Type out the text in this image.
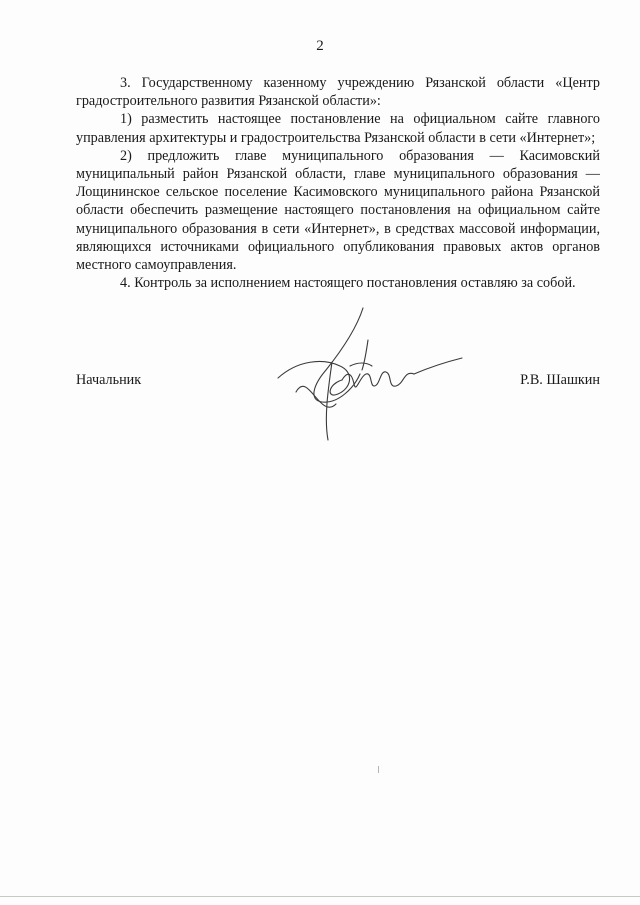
2

3. Государственному казенному учреждению Рязанской области «Центр градостроительного развития Рязанской области»:

1) разместить настоящее постановление на официальном сайте главного управления архитектуры и градостроительства Рязанской области в сети «Интернет»;

2) предложить главе муниципального образования — Касимовский муниципальный район Рязанской области, главе муниципального образования — Лощининское сельское поселение Касимовского муниципального района Рязанской области обеспечить размещение настоящего постановления на официальном сайте муниципального образования в сети «Интернет», в средствах массовой информации, являющихся источниками официального опубликования правовых актов органов местного самоуправления.

4. Контроль за исполнением настоящего постановления оставляю за собой.

Начальник	Р.В. Шашкин
